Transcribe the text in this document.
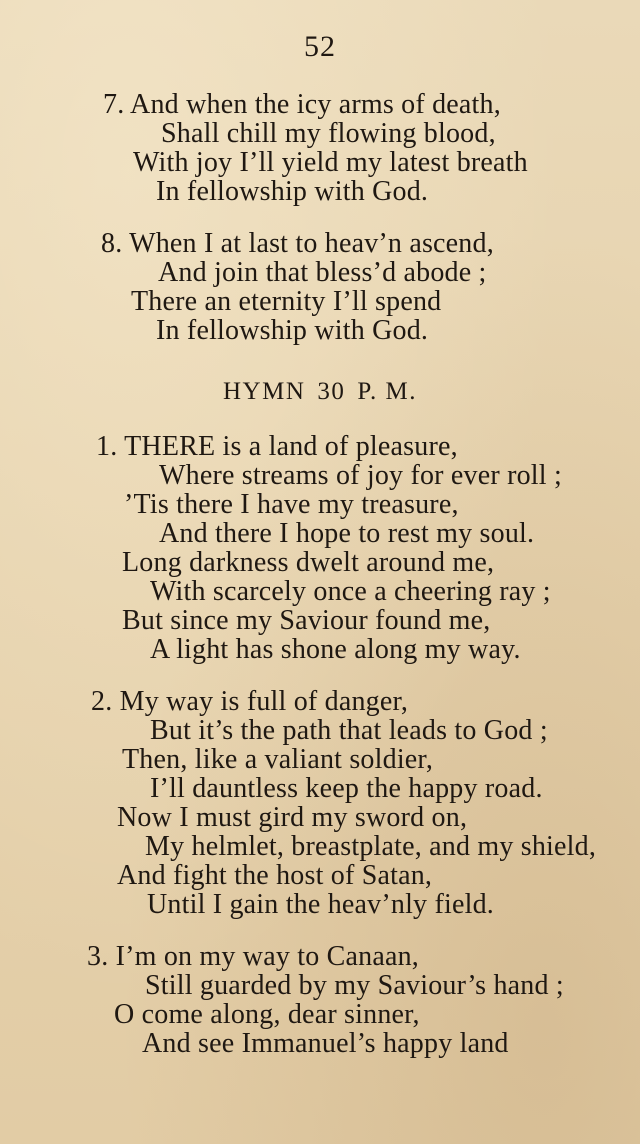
52
7. And when the icy arms of death,
Shall chill my flowing blood,
With joy I’ll yield my latest breath
In fellowship with God.
8. When I at last to heav’n ascend,
And join that bless’d abode ;
There an eternity I’ll spend
In fellowship with God.
HYMN 30 P. M.
1. THERE is a land of pleasure,
Where streams of joy for ever roll ;
’Tis there I have my treasure,
And there I hope to rest my soul.
Long darkness dwelt around me,
With scarcely once a cheering ray ;
But since my Saviour found me,
A light has shone along my way.
2. My way is full of danger,
But it’s the path that leads to God ;
Then, like a valiant soldier,
I’ll dauntless keep the happy road.
Now I must gird my sword on,
My helmlet, breastplate, and my shield,
And fight the host of Satan,
Until I gain the heav’nly field.
3. I’m on my way to Canaan,
Still guarded by my Saviour’s hand ;
O come along, dear sinner,
And see Immanuel’s happy land
